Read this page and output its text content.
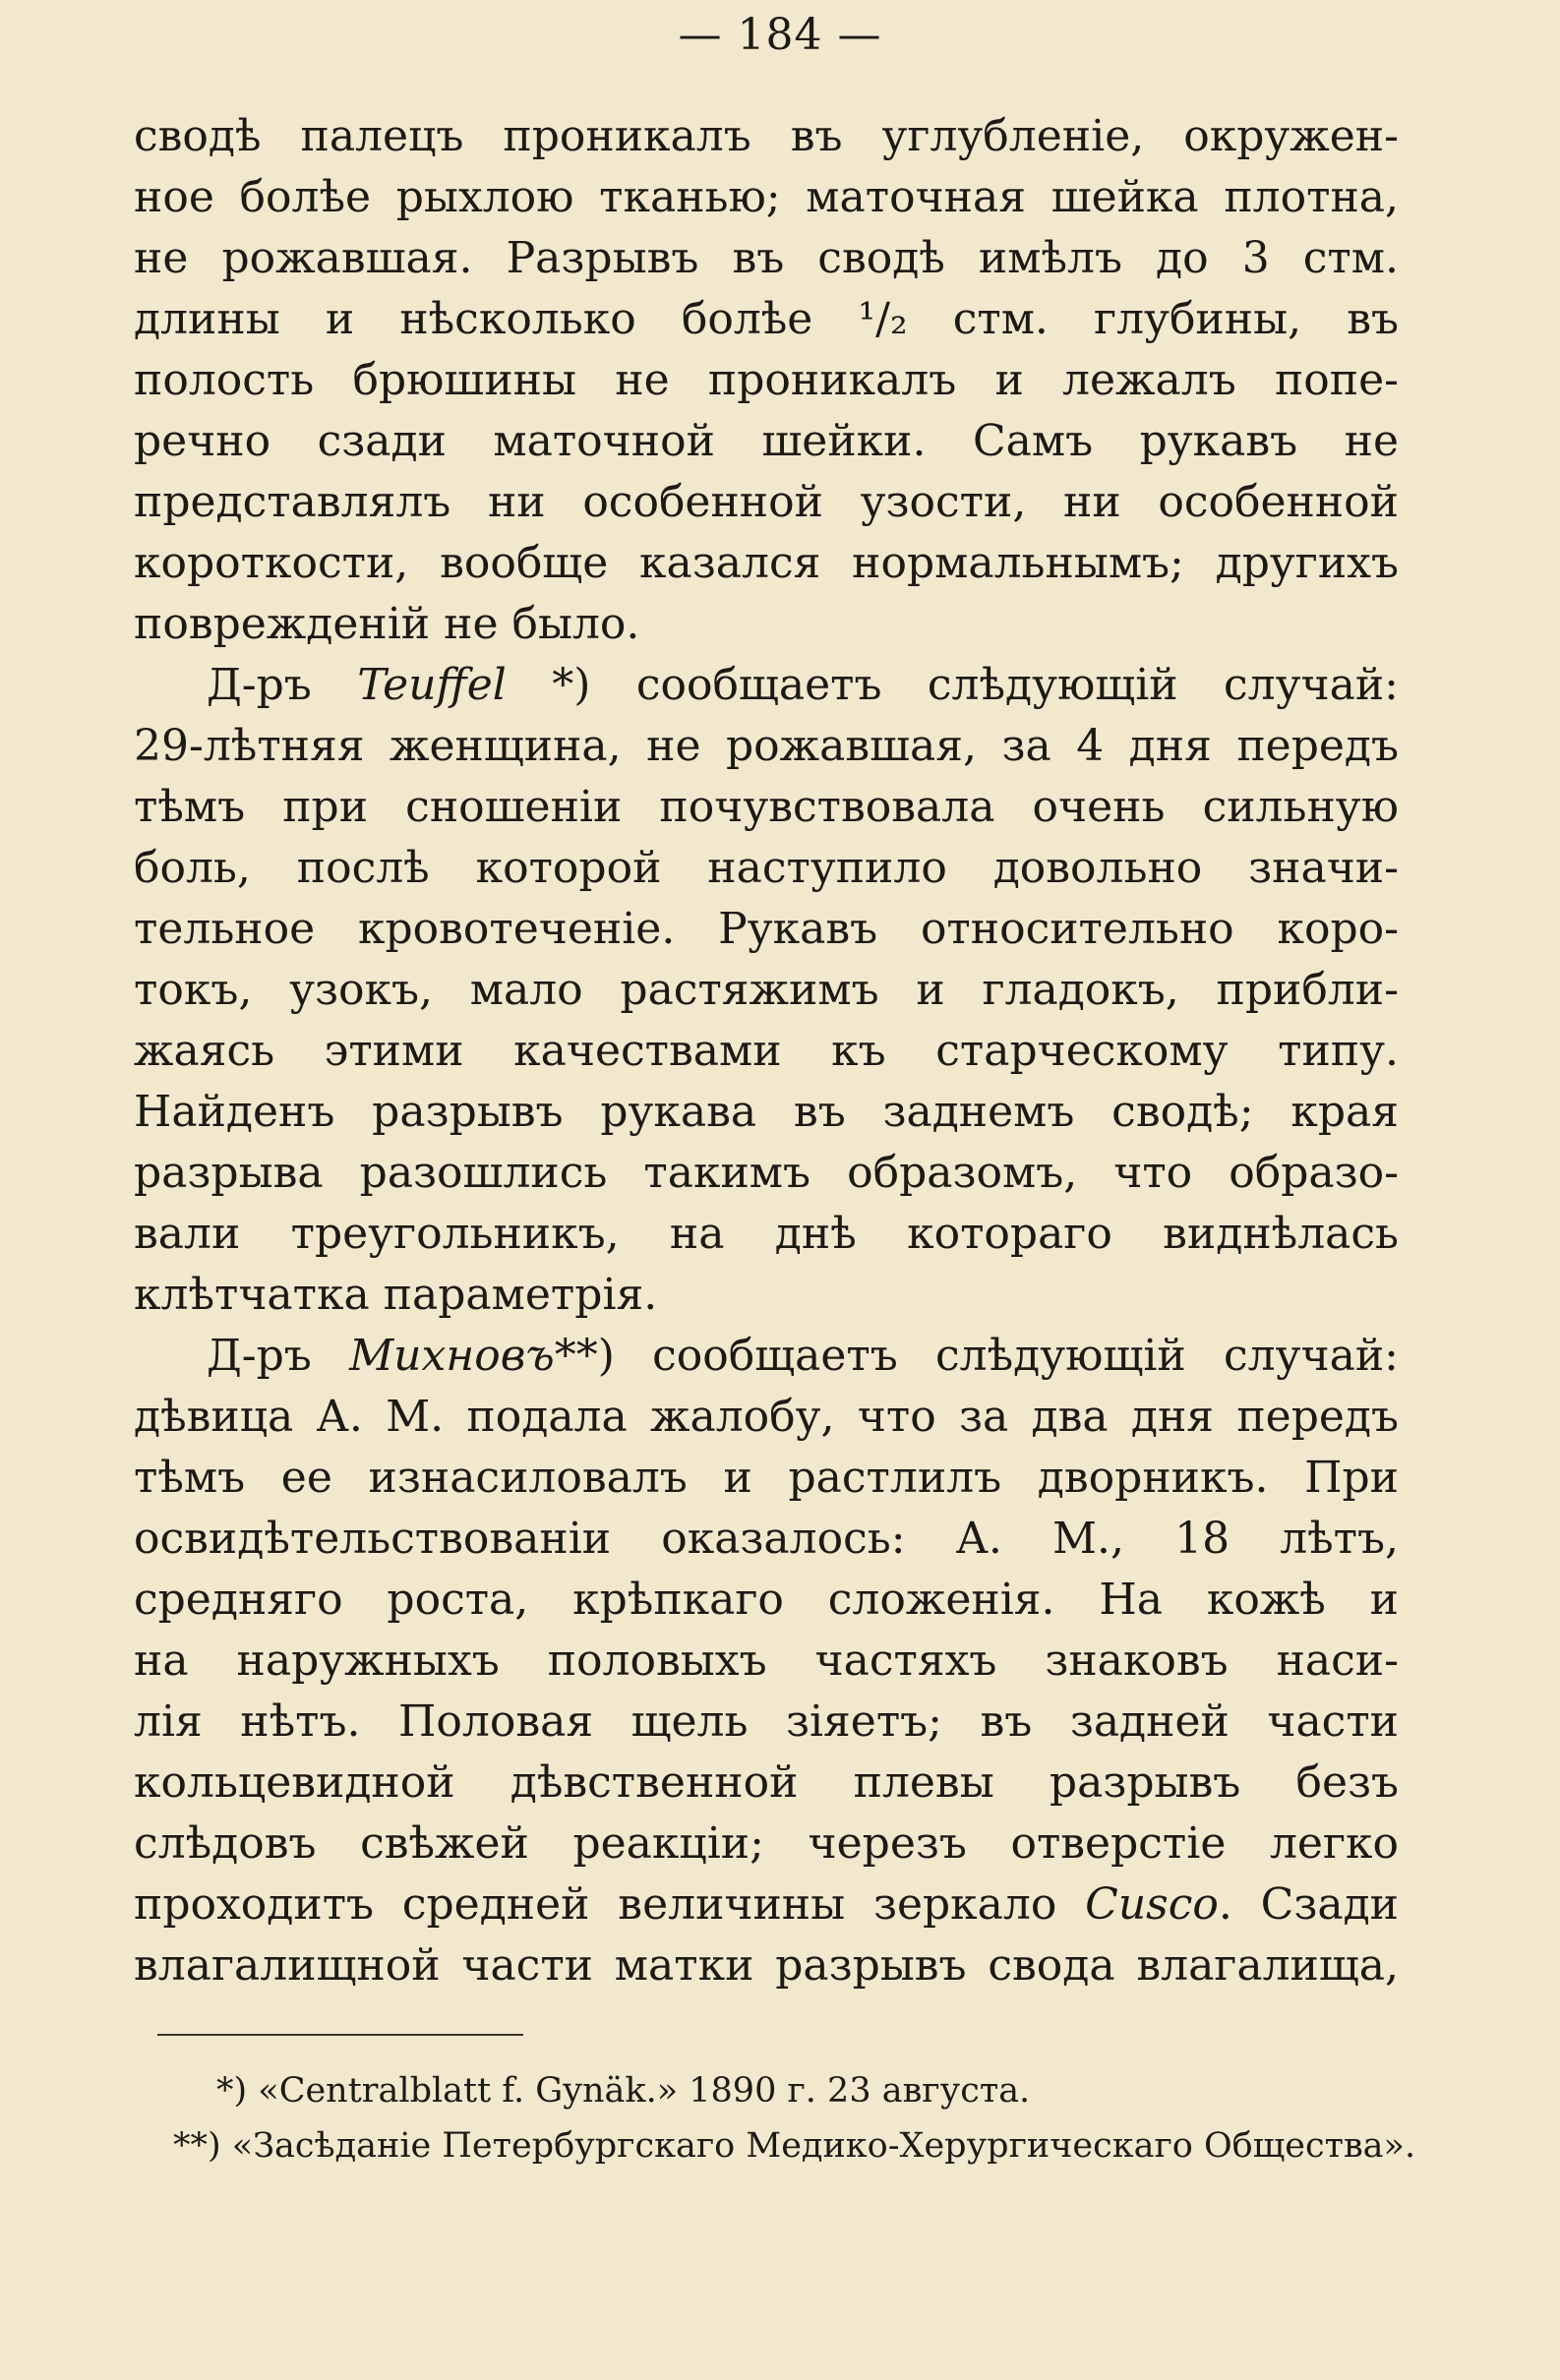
— 184 —
сводѣ палецъ проникалъ въ углубленіе, окружен-
ное болѣе рыхлою тканью; маточная шейка плотна,
не рожавшая. Разрывъ въ сводѣ имѣлъ до 3 стм.
длины и нѣсколько болѣе ¹/₂ стм. глубины, въ
полость брюшины не проникалъ и лежалъ попе-
речно сзади маточной шейки. Самъ рукавъ не
представлялъ ни особенной узости, ни особенной
короткости, вообще казался нормальнымъ; другихъ
поврежденій не было.
Д-ръ Teuffel *) сообщаетъ слѣдующій случай:
29-лѣтняя женщина, не рожавшая, за 4 дня передъ
тѣмъ при сношеніи почувствовала очень сильную
боль, послѣ которой наступило довольно значи-
тельное кровотеченіе. Рукавъ относительно коро-
токъ, узокъ, мало растяжимъ и гладокъ, прибли-
жаясь этими качествами къ старческому типу.
Найденъ разрывъ рукава въ заднемъ сводѣ; края
разрыва разошлись такимъ образомъ, что образо-
вали треугольникъ, на днѣ котораго виднѣлась
клѣтчатка параметрія.
Д-ръ Михновъ**) сообщаетъ слѣдующій случай:
дѣвица А. М. подала жалобу, что за два дня передъ
тѣмъ ее изнасиловалъ и растлилъ дворникъ. При
освидѣтельствованіи оказалось: А. М., 18 лѣтъ,
средняго роста, крѣпкаго сложенія. На кожѣ и
на наружныхъ половыхъ частяхъ знаковъ наси-
лія нѣтъ. Половая щель зіяетъ; въ задней части
кольцевидной дѣвственной плевы разрывъ безъ
слѣдовъ свѣжей реакціи; черезъ отверстіе легко
проходитъ средней величины зеркало Cusco. Сзади
влагалищной части матки разрывъ свода влагалища,
*) «Centralblatt f. Gynäk.» 1890 г. 23 августа.
**) «Засѣданіе Петербургскаго Медико-Херургическаго Общества».
